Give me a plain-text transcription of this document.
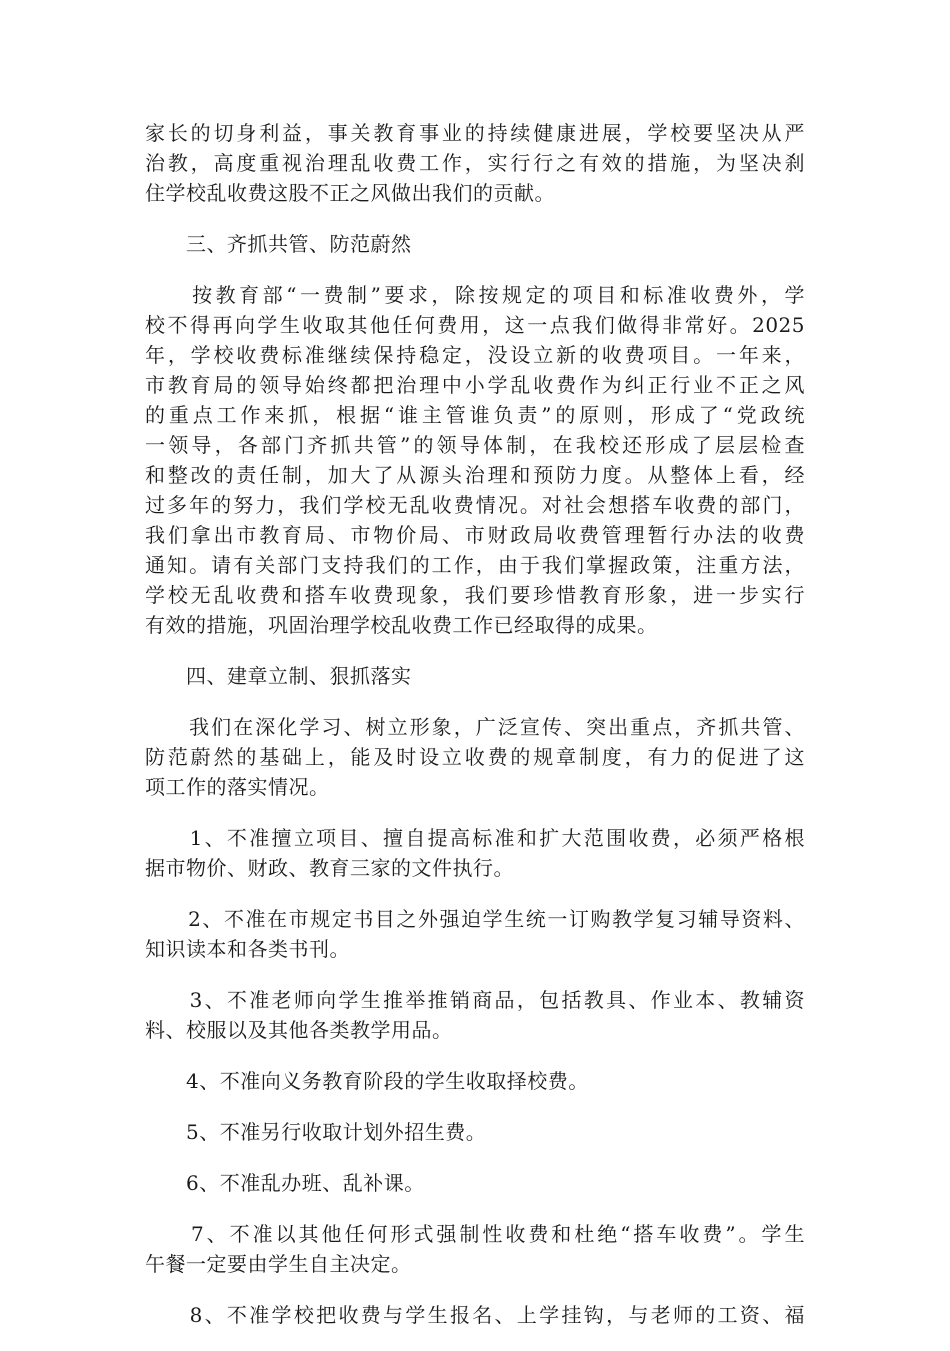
家长的切身利益，事关教育事业的持续健康进展，学校要坚决从严
治教，高度重视治理乱收费工作，实行行之有效的措施，为坚决刹
住学校乱收费这股不正之风做出我们的贡献。
　　三、齐抓共管、防范蔚然
　　按教育部“一费制”要求，除按规定的项目和标准收费外，学
校不得再向学生收取其他任何费用，这一点我们做得非常好。2025
年，学校收费标准继续保持稳定，没设立新的收费项目。一年来，
市教育局的领导始终都把治理中小学乱收费作为纠正行业不正之风
的重点工作来抓，根据“谁主管谁负责”的原则，形成了“党政统
一领导，各部门齐抓共管”的领导体制，在我校还形成了层层检查
和整改的责任制，加大了从源头治理和预防力度。从整体上看，经
过多年的努力，我们学校无乱收费情况。对社会想搭车收费的部门，
我们拿出市教育局、市物价局、市财政局收费管理暂行办法的收费
通知。请有关部门支持我们的工作，由于我们掌握政策，注重方法，
学校无乱收费和搭车收费现象，我们要珍惜教育形象，进一步实行
有效的措施，巩固治理学校乱收费工作已经取得的成果。
　　四、建章立制、狠抓落实
　　我们在深化学习、树立形象，广泛宣传、突出重点，齐抓共管、
防范蔚然的基础上，能及时设立收费的规章制度，有力的促进了这
项工作的落实情况。
　　1、不准擅立项目、擅自提高标准和扩大范围收费，必须严格根
据市物价、财政、教育三家的文件执行。
　　2、不准在市规定书目之外强迫学生统一订购教学复习辅导资料、
知识读本和各类书刊。
　　3、不准老师向学生推举推销商品，包括教具、作业本、教辅资
料、校服以及其他各类教学用品。
　　4、不准向义务教育阶段的学生收取择校费。
　　5、不准另行收取计划外招生费。
　　6、不准乱办班、乱补课。
　　7、不准以其他任何形式强制性收费和杜绝“搭车收费”。学生
午餐一定要由学生自主决定。
　　8、不准学校把收费与学生报名、上学挂钩，与老师的工资、福
